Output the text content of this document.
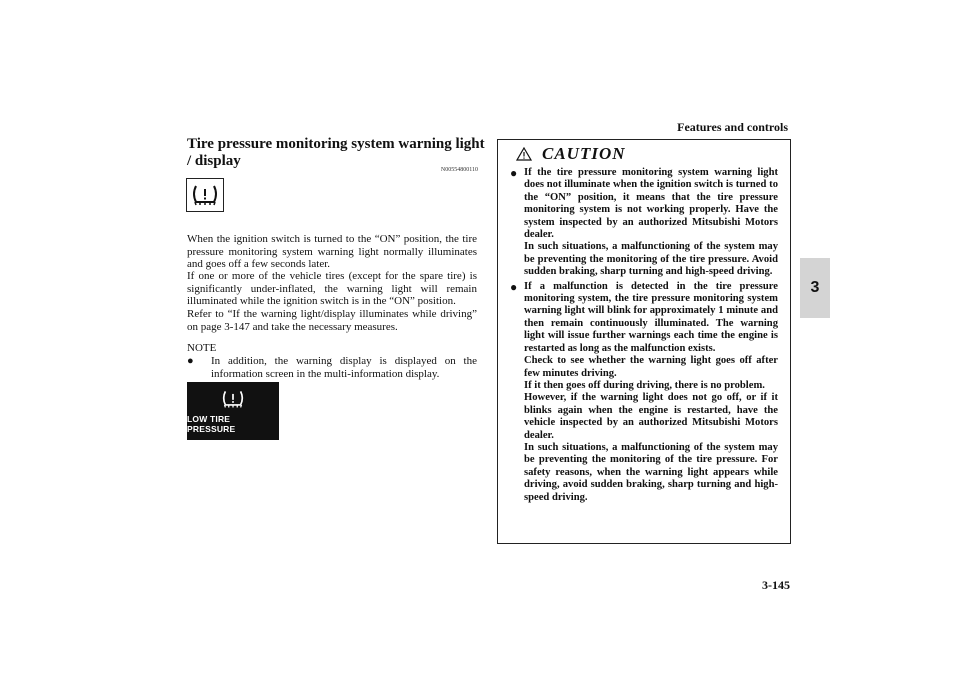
Features and controls
3
3-145
Tire pressure monitoring system warning light / display
N00554800110
When the ignition switch is turned to the “ON” position, the tire pressure monitoring system warning light normally illuminates and goes off a few seconds later.
If one or more of the vehicle tires (except for the spare tire) is significantly under-inflated, the warning light will remain illuminated while the ignition switch is in the “ON” position.
Refer to “If the warning light/display illuminates while driving” on page 3-147 and take the necessary measures.
NOTE
●	In addition, the warning display is displayed on the information screen in the multi-information display.
LOW TIRE PRESSURE
CAUTION
● If the tire pressure monitoring system warning light does not illuminate when the ignition switch is turned to the “ON” position, it means that the tire pressure monitoring system is not working properly. Have the system inspected by an authorized Mitsubishi Motors dealer.

In such situations, a malfunctioning of the system may be preventing the monitoring of the tire pressure. Avoid sudden braking, sharp turning and high-speed driving.

● If a malfunction is detected in the tire pressure monitoring system, the tire pressure monitoring system warning light will blink for approximately 1 minute and then remain continuously illuminated. The warning light will issue further warnings each time the engine is restarted as long as the malfunction exists.

Check to see whether the warning light goes off after few minutes driving.

If it then goes off during driving, there is no problem.

However, if the warning light does not go off, or if it blinks again when the engine is restarted, have the vehicle inspected by an authorized Mitsubishi Motors dealer.

In such situations, a malfunctioning of the system may be preventing the monitoring of the tire pressure. For safety reasons, when the warning light appears while driving, avoid sudden braking, sharp turning and high-speed driving.
